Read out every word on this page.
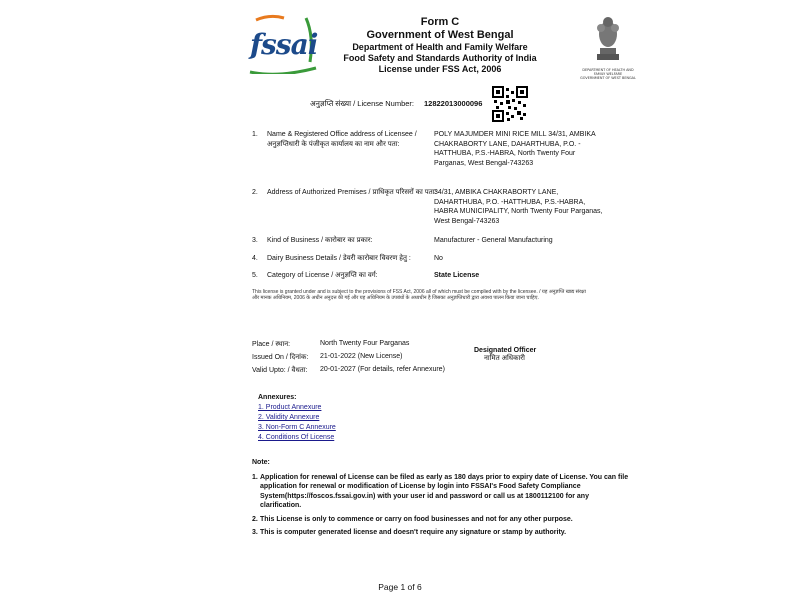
fssai
Form C
Government of West Bengal
Department of Health and Family Welfare
Food Safety and Standards Authority of India
License under FSS Act, 2006	DEPARTMENT OF HEALTH AND FAMILY WELFARE
GOVERNMENT OF WEST BENGAL
अनुज्ञप्ति संख्या / License Number: 12822013000096
1. Name & Registered Office address of Licensee / अनुज्ञप्तिधारी के पंजीकृत कार्यालय का नाम और पता:
POLY MAJUMDER MINI RICE MILL 34/31, AMBIKA CHAKRABORTY LANE, DAHARTHUBA, P.O. -HATTHUBA, P.S.-HABRA, North Twenty Four Parganas, West Bengal-743263
2. Address of Authorized Premises / प्राधिकृत परिसरों का पता:
34/31, AMBIKA CHAKRABORTY LANE, DAHARTHUBA, P.O. -HATTHUBA, P.S.-HABRA, HABRA MUNICIPALITY, North Twenty Four Parganas, West Bengal-743263
3. Kind of Business / कारोबार का प्रकार:	Manufacturer - General Manufacturing
4. Dairy Business Details / डेयरी कारोबार विवरण हेतु :	No
5. Category of License / अनुज्ञप्ति का वर्ग:	State License
This license is granted under and is subject to the provisions of FSS Act, 2006 all of which must be complied with by the licensee. / यह अनुज्ञप्ति खाद्य संरक्षा और मानक अधिनियम, 2006 के अधीन अनुदत्त की गई और यह अधिनियम के उपबंधों के अध्यधीन है जिसका अनुज्ञप्तिधारी द्वारा अवश्य पालन किया जाना चाहिए.
Place / स्थान:	North Twenty Four Parganas
Issued On / दिनांक: 21-01-2022 (New License)
Valid Upto: / वैधता: 20-01-2027 (For details, refer Annexure)
Designated Officer
नामित अधिकारी
Annexures:
1. Product Annexure
2. Validity Annexure
3. Non-Form C Annexure
4. Conditions Of License
Note:
1. Application for renewal of License can be filed as early as 180 days prior to expiry date of License. You can file application for renewal or modification of License by login into FSSAI's Food Safety Compliance System(https://foscos.fssai.gov.in) with your user id and password or call us at 1800112100 for any clarification.
2. This License is only to commence or carry on food businesses and not for any other purpose.
3. This is computer generated license and doesn't require any signature or stamp by authority.
Page 1 of 6
